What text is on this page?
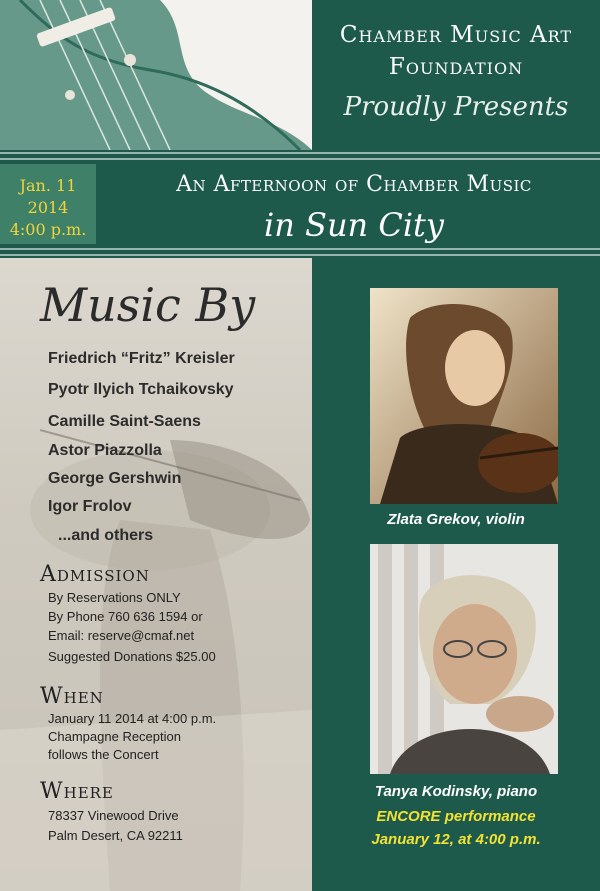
Chamber Music Art
Foundation
Proudly Presents
Jan. 11
2014
4:00 p.m.
An Afternoon of Chamber Music
in Sun City
Music By
Friedrich “Fritz” Kreisler
Pyotr Ilyich Tchaikovsky
Camille Saint-Saens
Astor Piazzolla
George Gershwin
Igor Frolov
...and others
Admission
By Reservations ONLY
By Phone 760 636 1594 or
Email: reserve@cmaf.net
Suggested Donations $25.00
When
January 11 2014 at 4:00 p.m.
Champagne Reception
follows the Concert
Where
78337 Vinewood Drive
Palm Desert, CA 92211
Zlata Grekov, violin
Tanya Kodinsky, piano
ENCORE performance
January 12, at 4:00 p.m.
